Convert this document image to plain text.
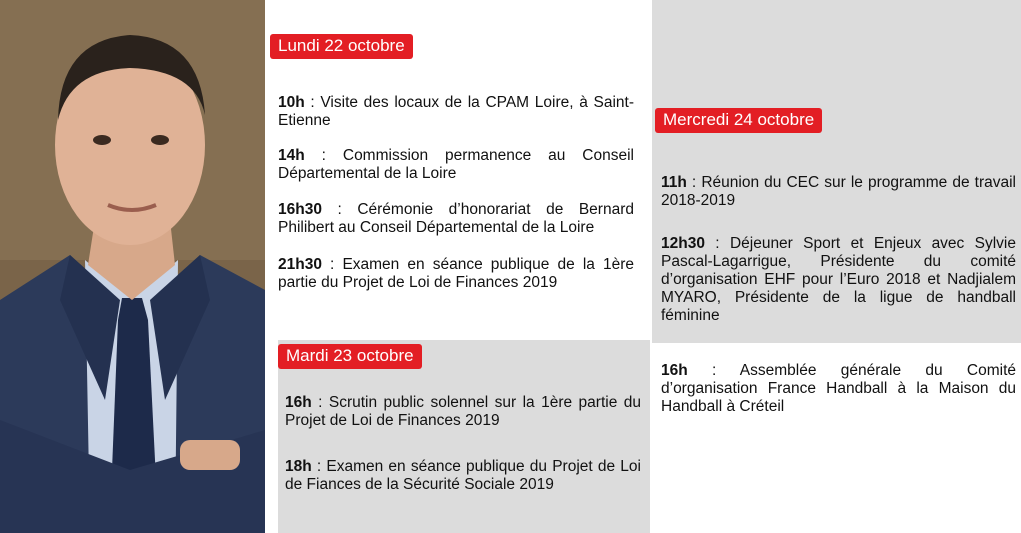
Lundi 22 octobre
10h : Visite des locaux de la CPAM Loire, à Saint-Etienne
14h : Commission permanence au Conseil Départemental de la Loire
16h30 : Cérémonie d’honorariat de Bernard Philibert au Conseil Départemental de la Loire
21h30 : Examen en séance publique de la 1ère partie du Projet de Loi de Finances 2019
Mardi 23 octobre
16h : Scrutin public solennel sur la 1ère partie du Projet de Loi de Finances 2019
18h : Examen en séance publique du Projet de Loi de Fiances de la Sécurité Sociale 2019
Mercredi 24 octobre
11h : Réunion du CEC sur le programme de travail 2018-2019
12h30 : Déjeuner Sport et Enjeux avec Sylvie Pascal-Lagarrigue, Présidente du comité d’organisation EHF pour l’Euro 2018 et Nadjialem MYARO, Présidente de la ligue de handball féminine
16h : Assemblée générale du Comité d’organisation France Handball à la Maison du Handball à Créteil
